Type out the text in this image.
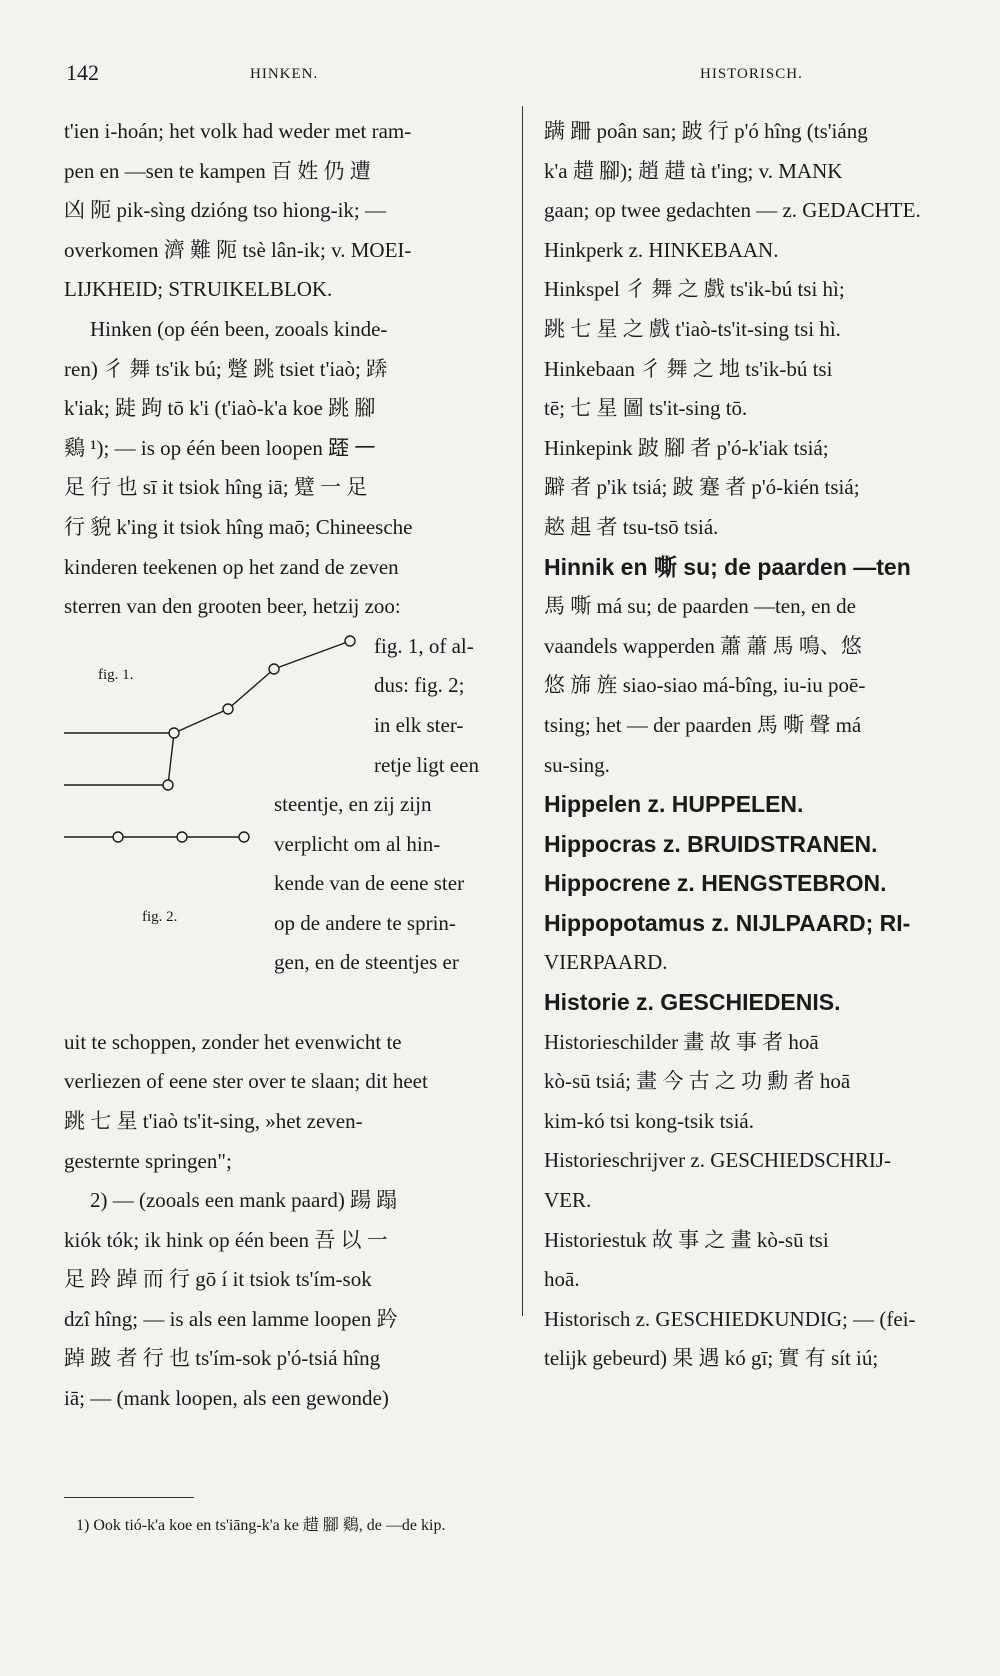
142	HINKEN.	HISTORISCH.
t'ien i-hoán; het volk had weder met ram-
pen en —sen te kampen 百 姓 仍 遭
凶 阨 pik-sìng dzióng tso hiong-ik; —
overkomen 濟 難 阨 tsè lân-ik; v. MOEI-
LIJKHEID; STRUIKELBLOK.
Hinken (op één been, zooals kinde-
ren) 彳 舞 ts'ik bú; 蹩 跳 tsiet t'iaò; 𨃦
k'iak; 跿 跔 tō k'i (t'iaò-k'a koe 跳 腳
鷄 ¹); — is op één been loopen 𨂿 一
足 行 也 sī it tsiok hîng iā; 躄 一 足
行 貌 k'ing it tsiok hîng maō; Chineesche
kinderen teekenen op het zand de zeven
sterren van den grooten beer, hetzij zoo:
fig. 1.
fig. 2.
fig. 1, of al-
dus: fig. 2;
in elk ster-
retje ligt een
steentje, en zij zijn
verplicht om al hin-
kende van de eene ster
op de andere te sprin-
gen, en de steentjes er
uit te schoppen, zonder het evenwicht te
verliezen of eene ster over te slaan; dit heet
跳 七 星 t'iaò ts'it-sing, »het zeven-
gesternte springen";
2) — (zooals een mank paard) 踼 蹋
kiók tók; ik hink op één been 吾 以 一
足 跉 踔 而 行 gō í it tsiok ts'ím-sok
dzî hîng; — is als een lamme loopen 趻
踔 跛 者 行 也 ts'ím-sok p'ó-tsiá hîng
iā; — (mank loopen, als een gewonde)
蹒 跚 poân san; 跛 行 p'ó hîng (ts'iáng
k'a 趞 腳); 趙 趞 tà t'ing; v. MANK
gaan; op twee gedachten — z. GEDACHTE.
Hinkperk z. HINKEBAAN.
Hinkspel 彳 舞 之 戲 ts'ik-bú tsi hì;
跳 七 星 之 戲 t'iaò-ts'it-sing tsi hì.
Hinkebaan 彳 舞 之 地 ts'ik-bú tsi
tē; 七 星 圖 ts'it-sing tō.
Hinkepink 跛 腳 者 p'ó-k'iak tsiá;
躃 者 p'ik tsiá; 跛 蹇 者 p'ó-kién tsiá;
趑 趄 者 tsu-tsō tsiá.
Hinnik en 嘶 su; de paarden —ten
馬 嘶 má su; de paarden —ten, en de
vaandels wapperden 蕭 蕭 馬 鳴、悠
悠 旆 旌 siao-siao má-bîng, iu-iu poē-
tsing; het — der paarden 馬 嘶 聲 má
su-sing.
Hippelen z. HUPPELEN.
Hippocras z. BRUIDSTRANEN.
Hippocrene z. HENGSTEBRON.
Hippopotamus z. NIJLPAARD; RI-
VIERPAARD.
Historie z. GESCHIEDENIS.
Historieschilder 畫 故 事 者 hoā
kò-sū tsiá; 畫 今 古 之 功 勳 者 hoā
kim-kó tsi kong-tsik tsiá.
Historieschrijver z. GESCHIEDSCHRIJ-
VER.
Historiestuk 故 事 之 畫 kò-sū tsi
hoā.
Historisch z. GESCHIEDKUNDIG; — (fei-
telijk gebeurd) 果 遇 kó gī; 實 有 sít iú;
1) Ook tió-k'a koe en ts'iāng-k'a ke 趞 腳 鷄, de —de kip.
